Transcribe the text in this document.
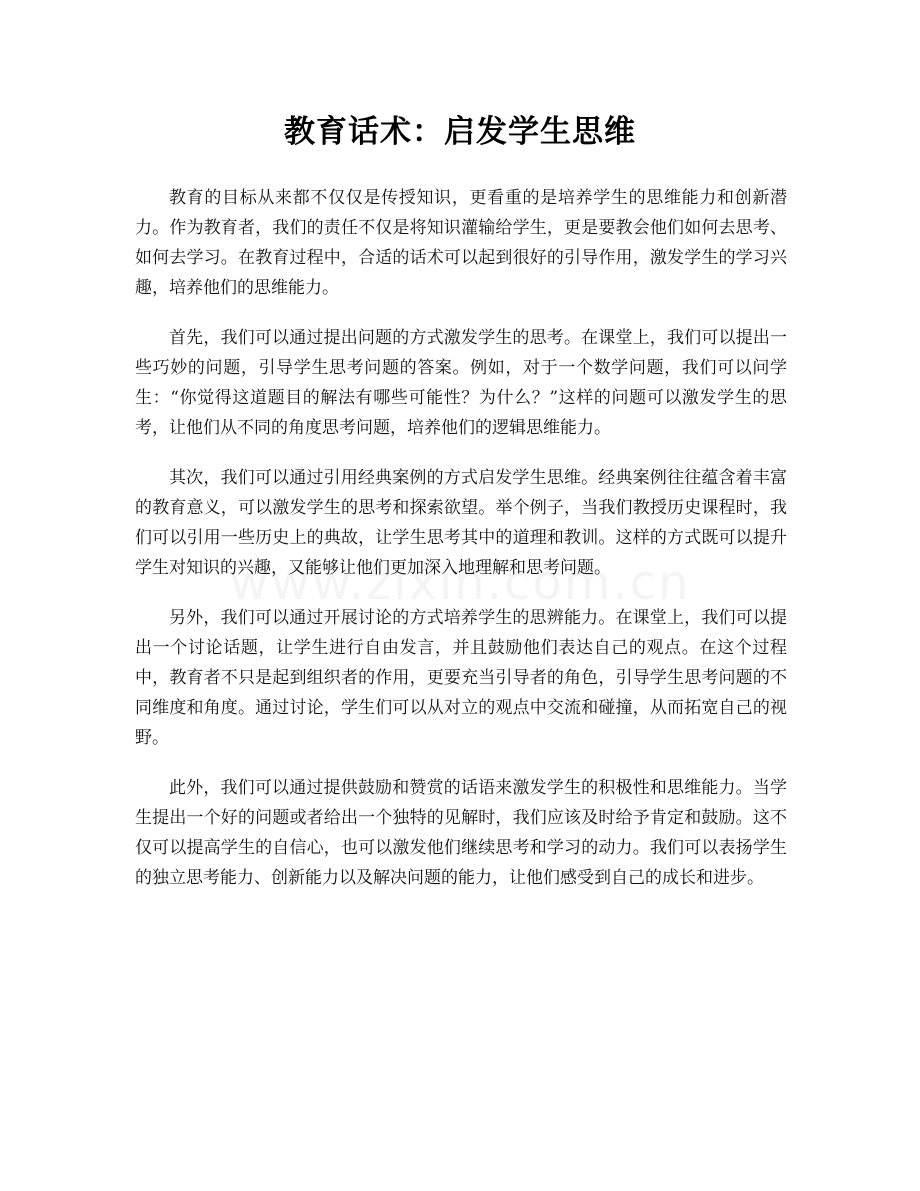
教育话术：启发学生思维

教育的目标从来都不仅仅是传授知识，更看重的是培养学生的思维能力和创新潜力。作为教育者，我们的责任不仅是将知识灌输给学生，更是要教会他们如何去思考、如何去学习。在教育过程中，合适的话术可以起到很好的引导作用，激发学生的学习兴趣，培养他们的思维能力。

首先，我们可以通过提出问题的方式激发学生的思考。在课堂上，我们可以提出一些巧妙的问题，引导学生思考问题的答案。例如，对于一个数学问题，我们可以问学生：“你觉得这道题目的解法有哪些可能性？为什么？”这样的问题可以激发学生的思考，让他们从不同的角度思考问题，培养他们的逻辑思维能力。

其次，我们可以通过引用经典案例的方式启发学生思维。经典案例往往蕴含着丰富的教育意义，可以激发学生的思考和探索欲望。举个例子，当我们教授历史课程时，我们可以引用一些历史上的典故，让学生思考其中的道理和教训。这样的方式既可以提升学生对知识的兴趣，又能够让他们更加深入地理解和思考问题。

另外，我们可以通过开展讨论的方式培养学生的思辨能力。在课堂上，我们可以提出一个讨论话题，让学生进行自由发言，并且鼓励他们表达自己的观点。在这个过程中，教育者不只是起到组织者的作用，更要充当引导者的角色，引导学生思考问题的不同维度和角度。通过讨论，学生们可以从对立的观点中交流和碰撞，从而拓宽自己的视野。

此外，我们可以通过提供鼓励和赞赏的话语来激发学生的积极性和思维能力。当学生提出一个好的问题或者给出一个独特的见解时，我们应该及时给予肯定和鼓励。这不仅可以提高学生的自信心，也可以激发他们继续思考和学习的动力。我们可以表扬学生的独立思考能力、创新能力以及解决问题的能力，让他们感受到自己的成长和进步。
